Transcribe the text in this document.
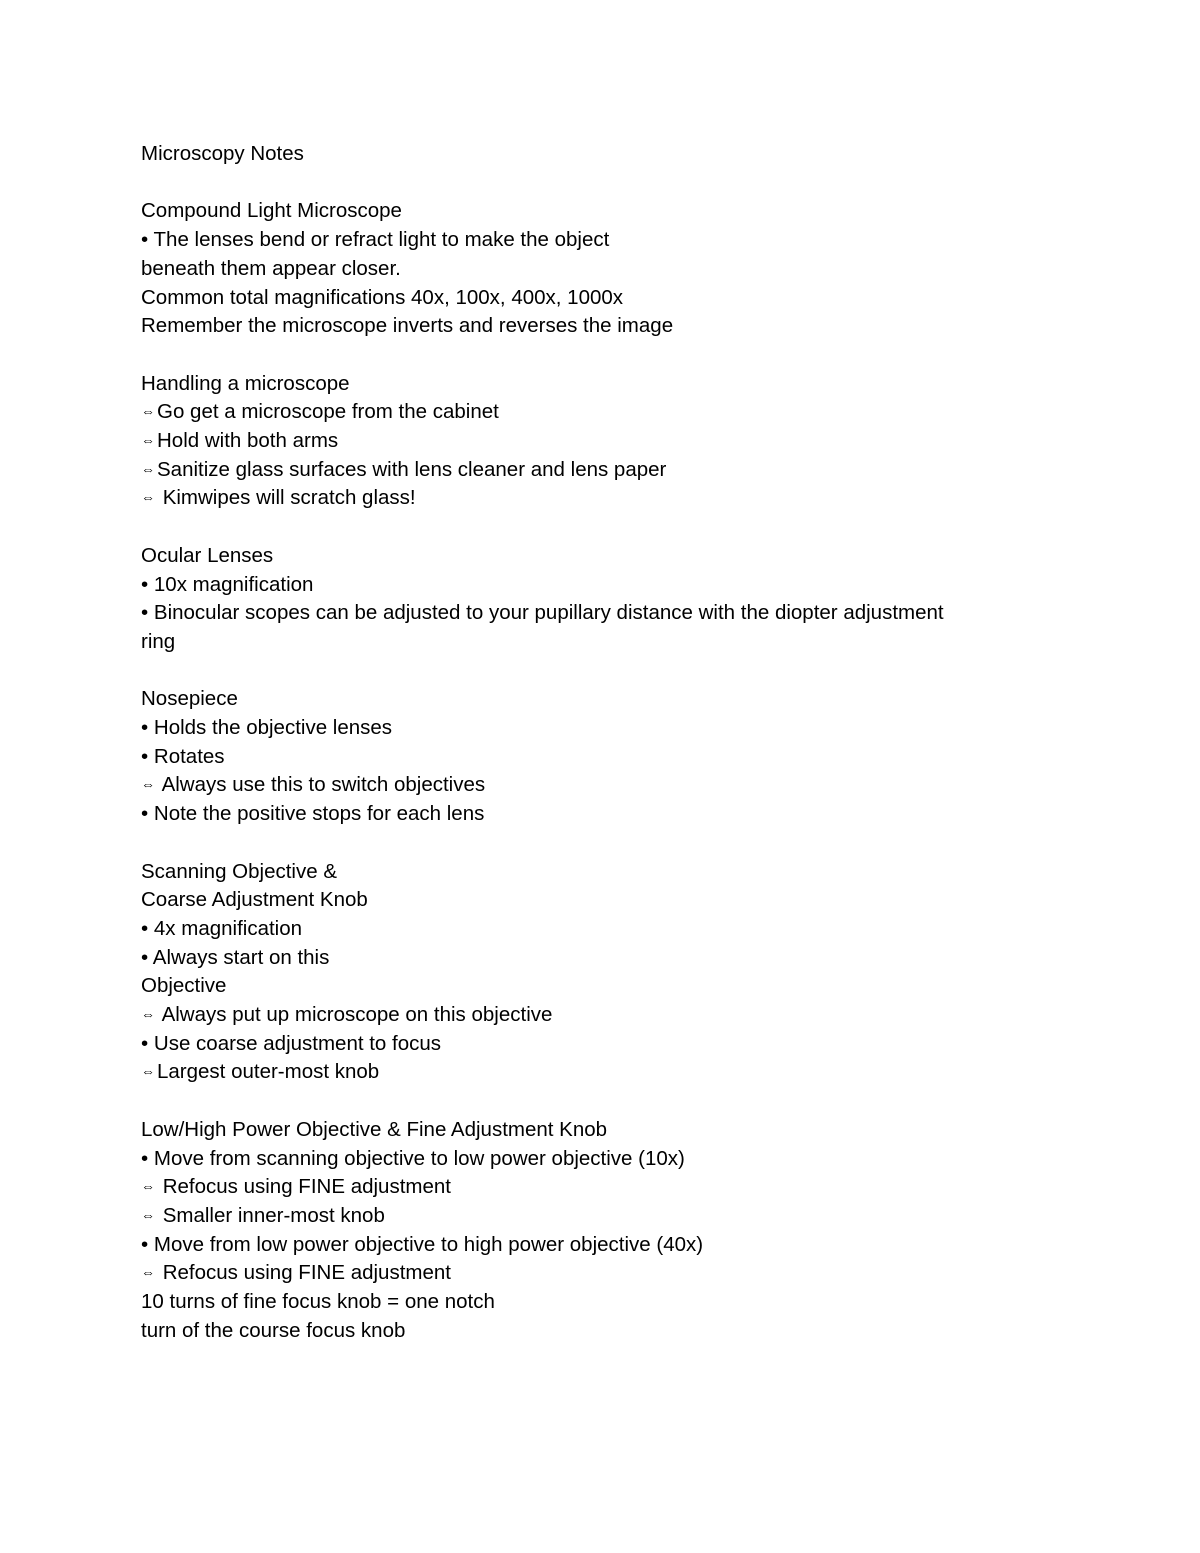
Microscopy Notes
Compound Light Microscope
• The lenses bend or refract light to make the object
beneath them appear closer.
Common total magnifications 40x, 100x, 400x, 1000x
Remember the microscope inverts and reverses the image
Handling a microscope
⇔Go get a microscope from the cabinet
⇔Hold with both arms
⇔Sanitize glass surfaces with lens cleaner and lens paper
⇔ Kimwipes will scratch glass!
Ocular Lenses
• 10x magnification
• Binocular scopes can be adjusted to your pupillary distance with the diopter adjustment
ring
Nosepiece
• Holds the objective lenses
• Rotates
⇔ Always use this to switch objectives
• Note the positive stops for each lens
Scanning Objective &
Coarse Adjustment Knob
• 4x magnification
• Always start on this
Objective
⇔ Always put up microscope on this objective
• Use coarse adjustment to focus
⇔Largest outer-most knob
Low/High Power Objective & Fine Adjustment Knob
• Move from scanning objective to low power objective (10x)
⇔ Refocus using FINE adjustment
⇔ Smaller inner-most knob
• Move from low power objective to high power objective (40x)
⇔ Refocus using FINE adjustment
10 turns of fine focus knob = one notch
turn of the course focus knob
